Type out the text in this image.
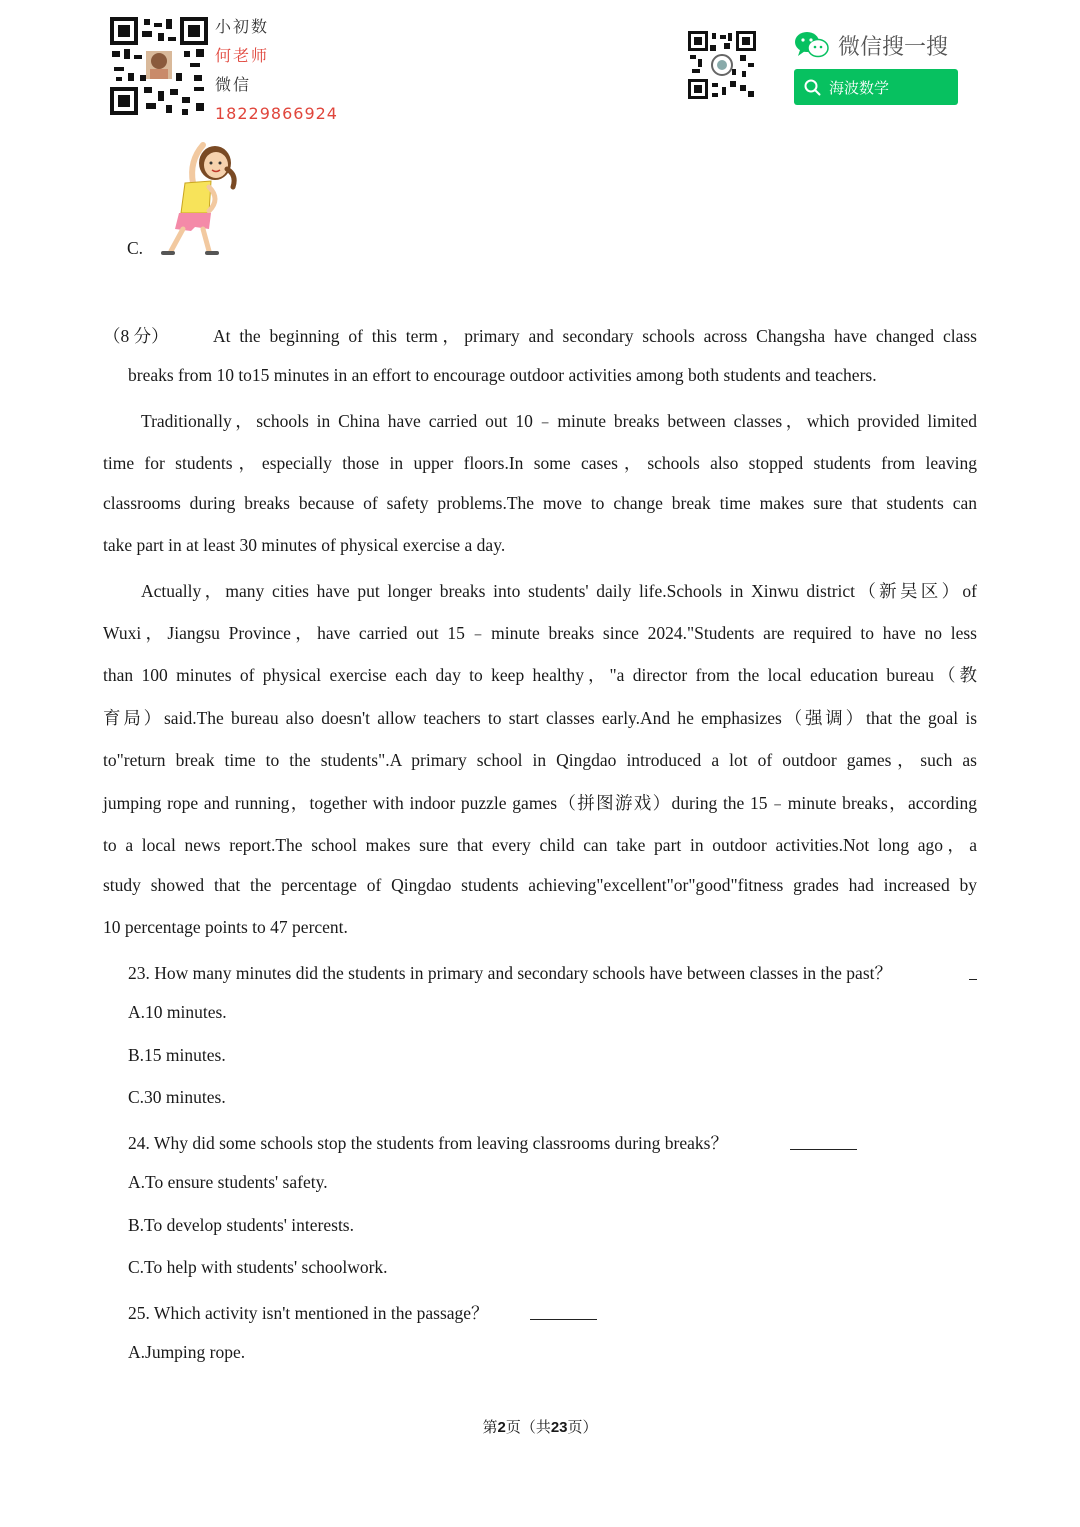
小初数
何老师
微信
18229866924
微信搜一搜
海波数学
C.
（8 分）	At the beginning of this term，primary and secondary schools across Changsha have changed class
breaks from 10 to15 minutes in an effort to encourage outdoor activities among both students and teachers.
Traditionally，schools in China have carried out 10﹣minute breaks between classes，which provided limited
time for students，especially those in upper floors.In some cases，schools also stopped students from leaving
classrooms during breaks because of safety problems.The move to change break time makes sure that students can
take part in at least 30 minutes of physical exercise a day.
Actually，many cities have put longer breaks into students' daily life.Schools in Xinwu district（新吴区）of
Wuxi，Jiangsu Province，have carried out 15﹣minute breaks since 2024."Students are required to have no less
than 100 minutes of physical exercise each day to keep healthy，"a director from the local education bureau（教
育局）said.The bureau also doesn't allow teachers to start classes early.And he emphasizes（强调）that the goal is
to"return break time to the students".A primary school in Qingdao introduced a lot of outdoor games，such as
jumping rope and running，together with indoor puzzle games（拼图游戏）during the 15﹣minute breaks，according
to a local news report.The school makes sure that every child can take part in outdoor activities.Not long ago，a
study showed that the percentage of Qingdao students achieving"excellent"or"good"fitness grades had increased by
10 percentage points to 47 percent.
23. How many minutes did the students in primary and secondary schools have between classes in the past？
A.10 minutes.
B.15 minutes.
C.30 minutes.
24. Why did some schools stop the students from leaving classrooms during breaks？
A.To ensure students' safety.
B.To develop students' interests.
C.To help with students' schoolwork.
25. Which activity isn't mentioned in the passage？
A.Jumping rope.
第2页（共23页）
